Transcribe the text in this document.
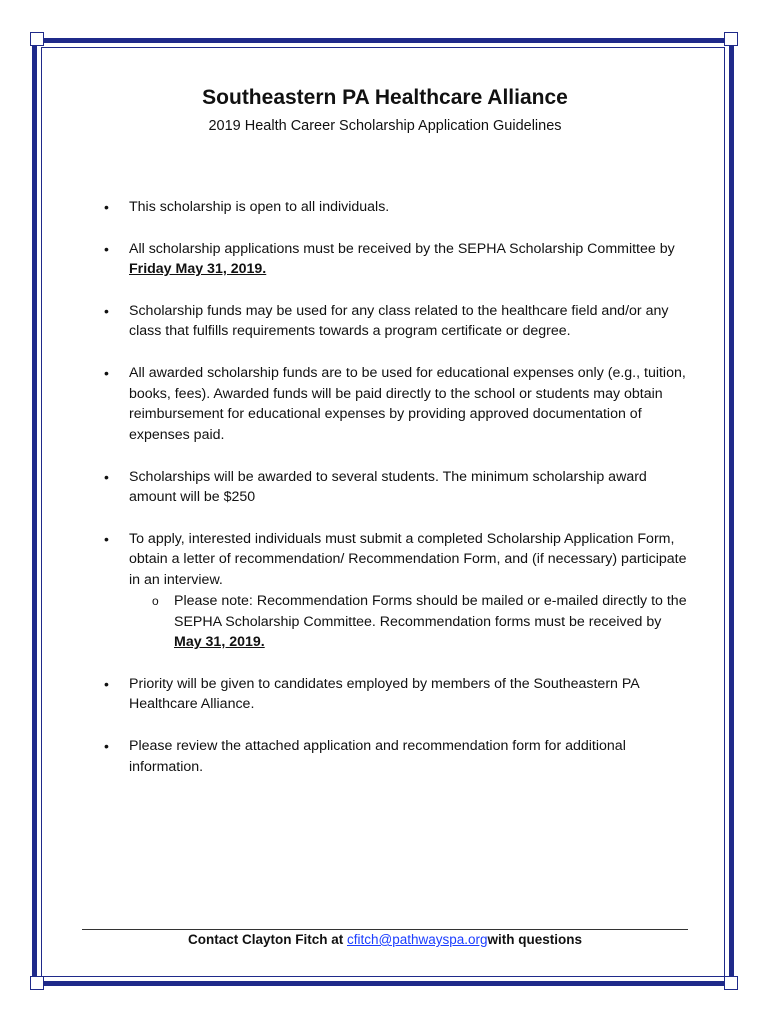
Southeastern PA Healthcare Alliance
2019 Health Career Scholarship Application Guidelines
• This scholarship is open to all individuals.
• All scholarship applications must be received by the SEPHA Scholarship Committee by Friday May 31, 2019.
• Scholarship funds may be used for any class related to the healthcare field and/or any class that fulfills requirements towards a program certificate or degree.
• All awarded scholarship funds are to be used for educational expenses only (e.g., tuition, books, fees). Awarded funds will be paid directly to the school or students may obtain reimbursement for educational expenses by providing approved documentation of expenses paid.
• Scholarships will be awarded to several students. The minimum scholarship award amount will be $250
• To apply, interested individuals must submit a completed Scholarship Application Form, obtain a letter of recommendation/ Recommendation Form, and (if necessary) participate in an interview.
o Please note: Recommendation Forms should be mailed or e-mailed directly to the SEPHA Scholarship Committee. Recommendation forms must be received by May 31, 2019.
• Priority will be given to candidates employed by members of the Southeastern PA Healthcare Alliance.
• Please review the attached application and recommendation form for additional information.
Contact Clayton Fitch at cfitch@pathwayspa.orgwith questions
